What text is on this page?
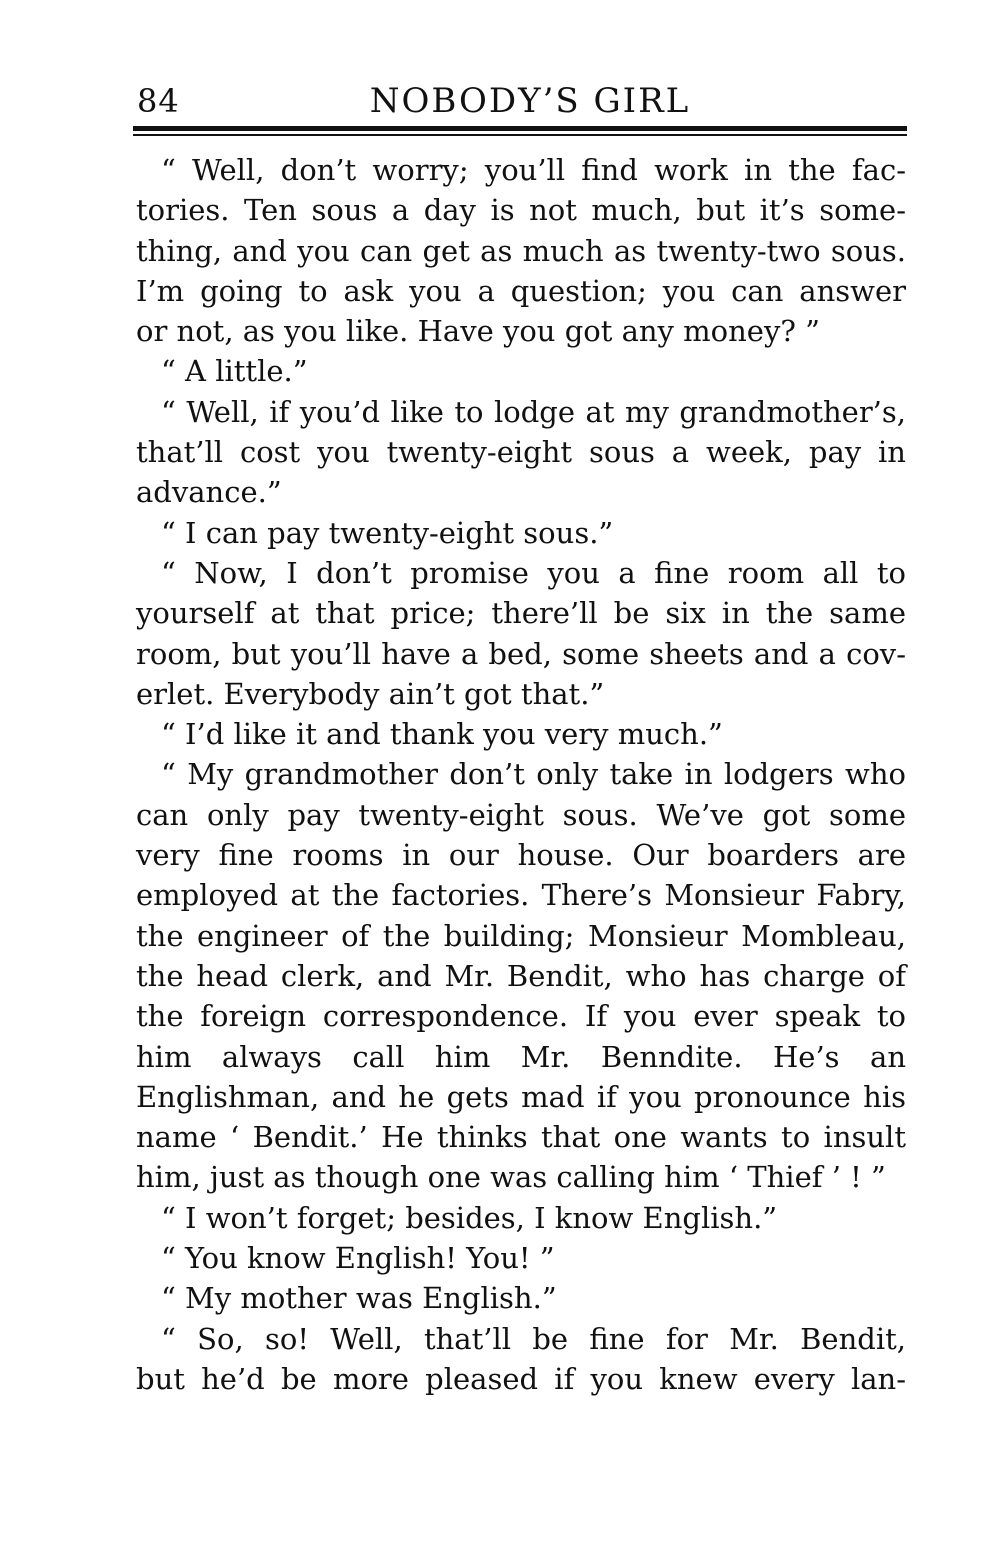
84	NOBODY’S GIRL
“ Well, don’t worry; you’ll find work in the fac-
tories. Ten sous a day is not much, but it’s some-
thing, and you can get as much as twenty-two sous.
I’m going to ask you a question; you can answer
or not, as you like. Have you got any money? ”
“ A little.”
“ Well, if you’d like to lodge at my grandmother’s,
that’ll cost you twenty-eight sous a week, pay in
advance.”
“ I can pay twenty-eight sous.”
“ Now, I don’t promise you a fine room all to
yourself at that price; there’ll be six in the same
room, but you’ll have a bed, some sheets and a cov-
erlet. Everybody ain’t got that.”
“ I’d like it and thank you very much.”
“ My grandmother don’t only take in lodgers who
can only pay twenty-eight sous. We’ve got some
very fine rooms in our house. Our boarders are
employed at the factories. There’s Monsieur Fabry,
the engineer of the building; Monsieur Mombleau,
the head clerk, and Mr. Bendit, who has charge of
the foreign correspondence. If you ever speak to
him always call him Mr. Benndite. He’s an
Englishman, and he gets mad if you pronounce his
name ‘ Bendit.’ He thinks that one wants to insult
him, just as though one was calling him ‘ Thief ’ ! ”
“ I won’t forget; besides, I know English.”
“ You know English! You! ”
“ My mother was English.”
“ So, so! Well, that’ll be fine for Mr. Bendit,
but he’d be more pleased if you knew every lan-
